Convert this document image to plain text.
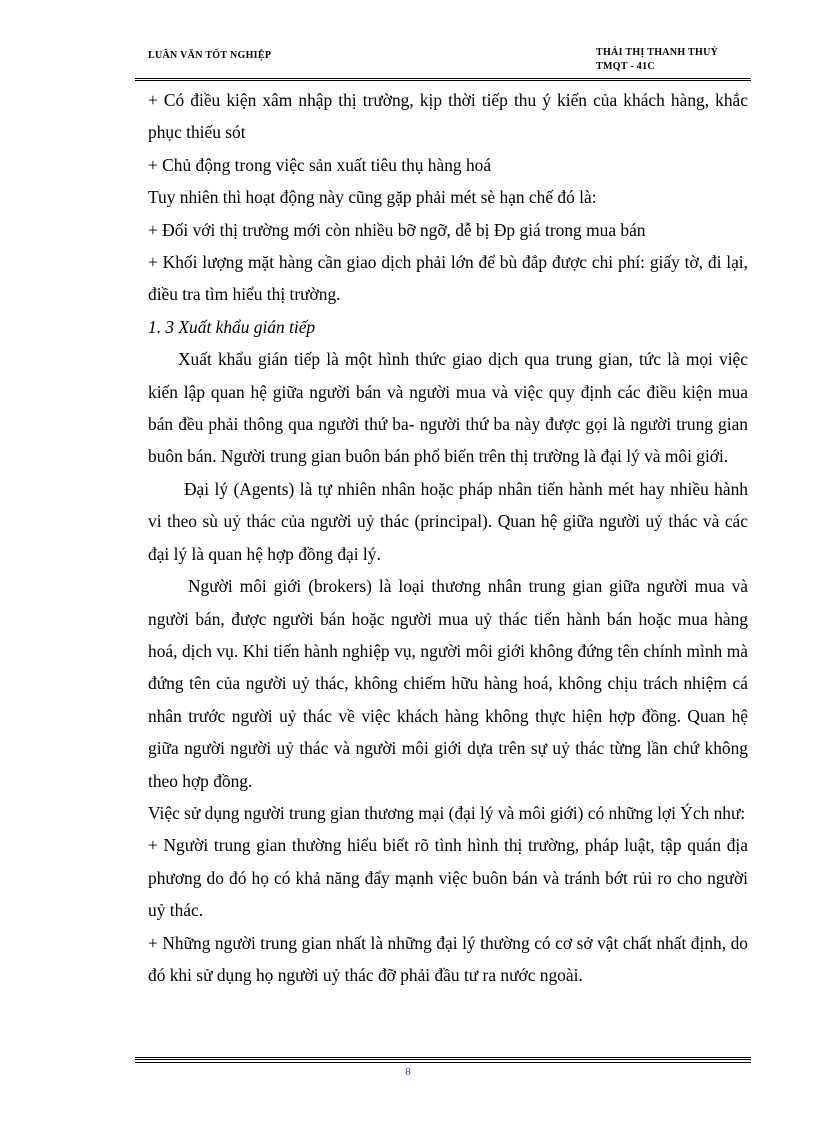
LUÂN VĂN TỐT NGHIỆP	THÁI THỊ THANH THUỶ
TMQT - 41C

+ Có điều kiện xâm nhập thị trường, kịp thời tiếp thu ý kiến của khách hàng, khắc phục thiếu sót

+ Chủ động trong việc sản xuất tiêu thụ hàng hoá

Tuy nhiên thì hoạt động này cũng gặp phải mét sè hạn chế đó là:

+ Đối với thị trường mới còn nhiều bỡ ngỡ, dễ bị Ðp giá trong mua bán

+ Khối lượng mặt hàng cần giao dịch phải lớn để bù đắp được chi phí: giấy tờ, đi lại, điều tra tìm hiểu thị trường.

1. 3 Xuất khẩu gián tiếp

Xuất khẩu gián tiếp là một hình thức giao dịch qua trung gian, tức là mọi việc kiến lập quan hệ giữa người bán và người mua và việc quy định các điều kiện mua bán đều phải thông qua người thứ ba- người thứ ba này được gọi là người trung gian buôn bán. Người trung gian buôn bán phổ biến trên thị trường là đại lý và môi giới.

Đại lý (Agents) là tự nhiên nhân hoặc pháp nhân tiến hành mét hay nhiều hành vi theo sù uỷ thác của người uỷ thác (principal). Quan hệ giữa người uỷ thác và các đại lý là quan hệ hợp đồng đại lý.

Người môi giới (brokers) là loại thương nhân trung gian giữa người mua và người bán, được người bán hoặc người mua uỷ thác tiến hành bán hoặc mua hàng hoá, dịch vụ. Khi tiến hành nghiệp vụ, người môi giới không đứng tên chính mình mà đứng tên của người uỷ thác, không chiếm hữu hàng hoá, không chịu trách nhiệm cá nhân trước người uỷ thác về việc khách hàng không thực hiện hợp đồng. Quan hệ giữa người người uỷ thác và người môi giới dựa trên sự uỷ thác từng lần chứ không theo hợp đồng.

Việc sử dụng người trung gian thương mại (đại lý và môi giới) có những lợi Ých như:

+ Người trung gian thường hiểu biết rõ tình hình thị trường, pháp luật, tập quán địa phương do đó họ có khả năng đẩy mạnh việc buôn bán và tránh bớt rủi ro cho người uỷ thác.

+ Những người trung gian nhất là những đại lý thường có cơ sở vật chất nhất định, do đó khi sử dụng họ người uỷ thác đỡ phải đầu tư ra nước ngoài.

8
